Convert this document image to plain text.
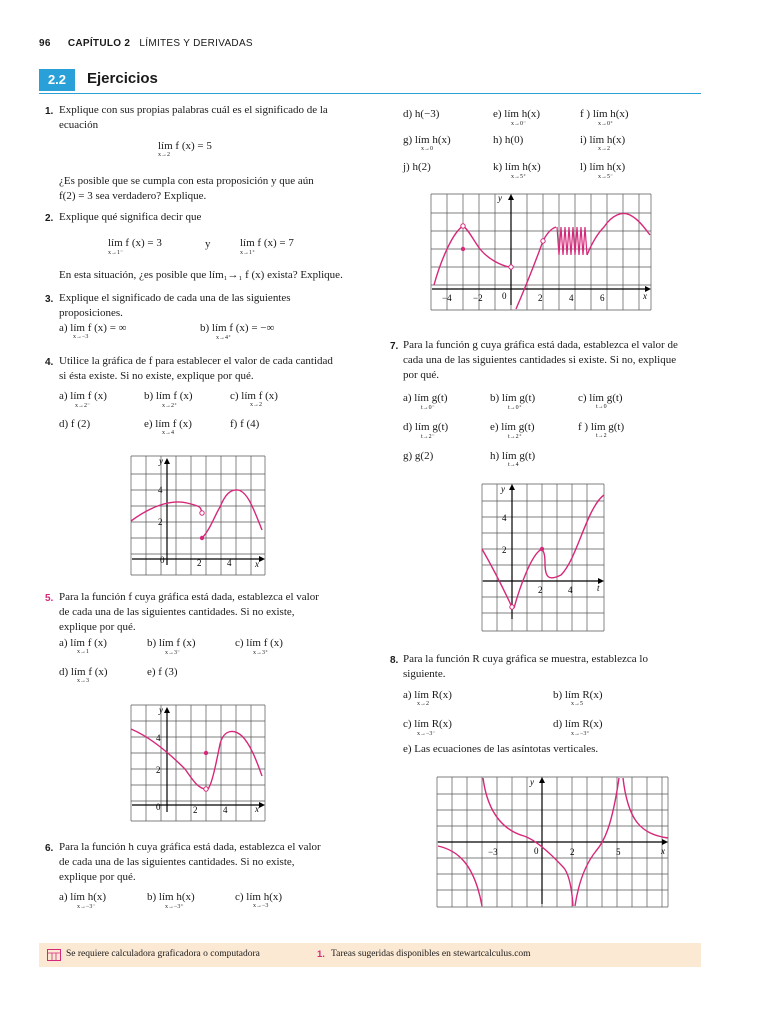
96 CAPÍTULO 2 LÍMITES Y DERIVADAS
2.2	Ejercicios
1. Explique con sus propias palabras cuál es el significado de la
ecuación
lím f (x) = 5
x→2
¿Es posible que se cumpla con esta proposición y que aún
f(2) = 3 sea verdadero? Explique.
2. Explique qué significa decir que
lím f (x) = 3
x→1⁻
y	lím f (x) = 7
x→1⁺
En esta situación, ¿es posible que lím₁→₁ f (x) exista? Explique.
3. Explique el significado de cada una de las siguientes
proposiciones.
a) lím f (x) = ∞
x→−3
b) lím f (x) = −∞
x→4⁺
4. Utilice la gráfica de f para establecer el valor de cada cantidad
si ésta existe. Si no existe, explique por qué.
a) lím f (x)
x→2⁻
b) lím f (x)
x→2⁺
c) lím f (x)
x→2
d) f (2)	e) lím f (x)
x→4
f) f (4)
y
x
0	2	4
4
2
5. Para la función f cuya gráfica está dada, establezca el valor
de cada una de las siguientes cantidades. Si no existe,
explique por qué.
a) lím f (x)
x→1
b) lím f (x)
x→3⁻
c) lím f (x)
x→3⁺
d) lím f (x)
x→3
e) f (3)
y
x
0	2	4
4
2
6. Para la función h cuya gráfica está dada, establezca el valor
de cada una de las siguientes cantidades. Si no existe,
explique por qué.
a) lím h(x)
x→−3⁻
b) lím h(x)
x→−3⁺
c) lím h(x)
x→−3
d) h(−3)	e) lím h(x)
x→0⁻
f ) lím h(x)
x→0⁺
g) lím h(x)
x→0
h) h(0)	i) lím h(x)
x→2
j) h(2)	k) lím h(x)
x→5⁺
l) lím h(x)
x→5⁻
y
x
−4 −2 0	2	4	6
7. Para la función g cuya gráfica está dada, establezca el valor de
cada una de las siguientes cantidades si existe. Si no, explique
por qué.
a) lím g(t)
t→0⁻
b) lím g(t)
t→0⁺
c) lím g(t)
t→0
d) lím g(t)
t→2⁻
e) lím g(t)
t→2⁺
f ) lím g(t)
t→2
g) g(2)	h) lím g(t)
t→4
y
t
2	4
4
2
8. Para la función R cuya gráfica se muestra, establezca lo
siguiente.
a) lím R(x)
x→2
b) lím R(x)
x→5
c) lím R(x)
x→−3⁻
d) lím R(x)
x→−3⁺
e) Las ecuaciones de las asíntotas verticales.
y
x
−3	0	2	5
Se requiere calculadora graficadora o computadora	1. Tareas sugeridas disponibles en stewartcalculus.com
